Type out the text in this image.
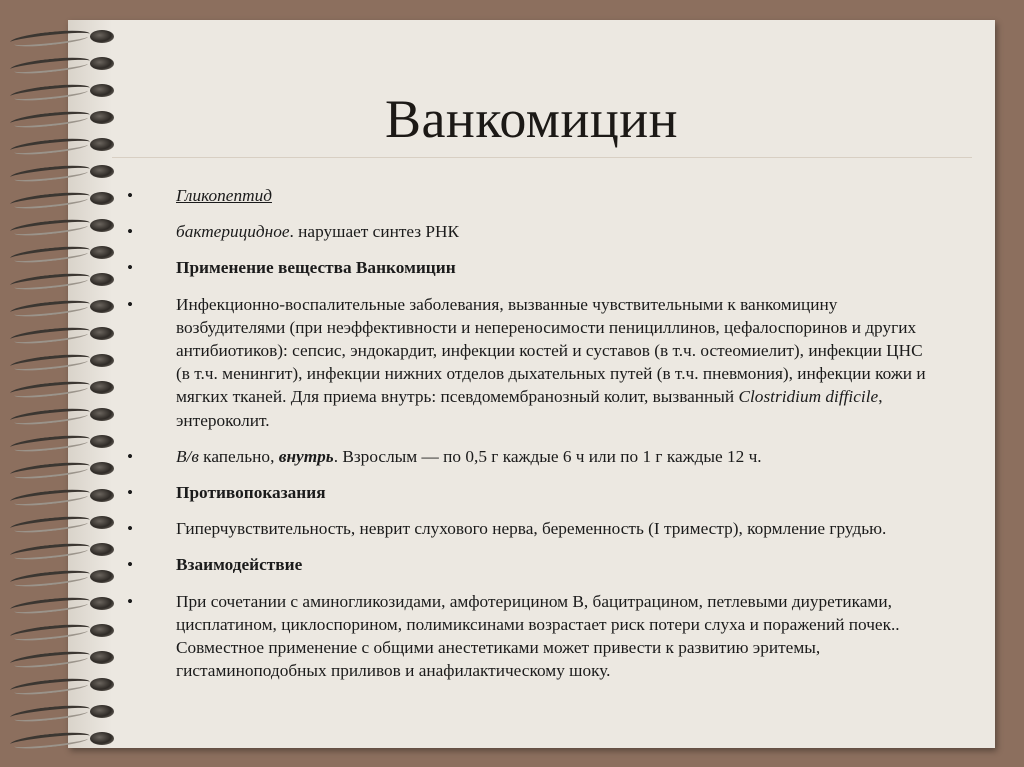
Ванкомицин
• Гликопептид
• бактерицидное. нарушает синтез РНК
• Применение вещества Ванкомицин
• Инфекционно-воспалительные заболевания, вызванные чувствительными к ванкомицину возбудителями (при неэффективности и непереносимости пенициллинов, цефалоспоринов и других антибиотиков): сепсис, эндокардит, инфекции костей и суставов (в т.ч. остеомиелит), инфекции ЦНС (в т.ч. менингит), инфекции нижних отделов дыхательных путей (в т.ч. пневмония), инфекции кожи и мягких тканей. Для приема внутрь: псевдомембранозный колит, вызванный Clostridium difficile, энтероколит.
• В/в капельно, внутрь. Взрослым — по 0,5 г каждые 6 ч или по 1 г каждые 12 ч.
• Противопоказания
• Гиперчувствительность, неврит слухового нерва, беременность (I триместр), кормление грудью.
• Взаимодействие
• При сочетании с аминогликозидами, амфотерицином В, бацитрацином, петлевыми диуретиками, цисплатином, циклоспорином, полимиксинами возрастает риск потери слуха и поражений почек.. Совместное применение с общими анестетиками может привести к развитию эритемы, гистаминоподобных приливов и анафилактическому шоку.
